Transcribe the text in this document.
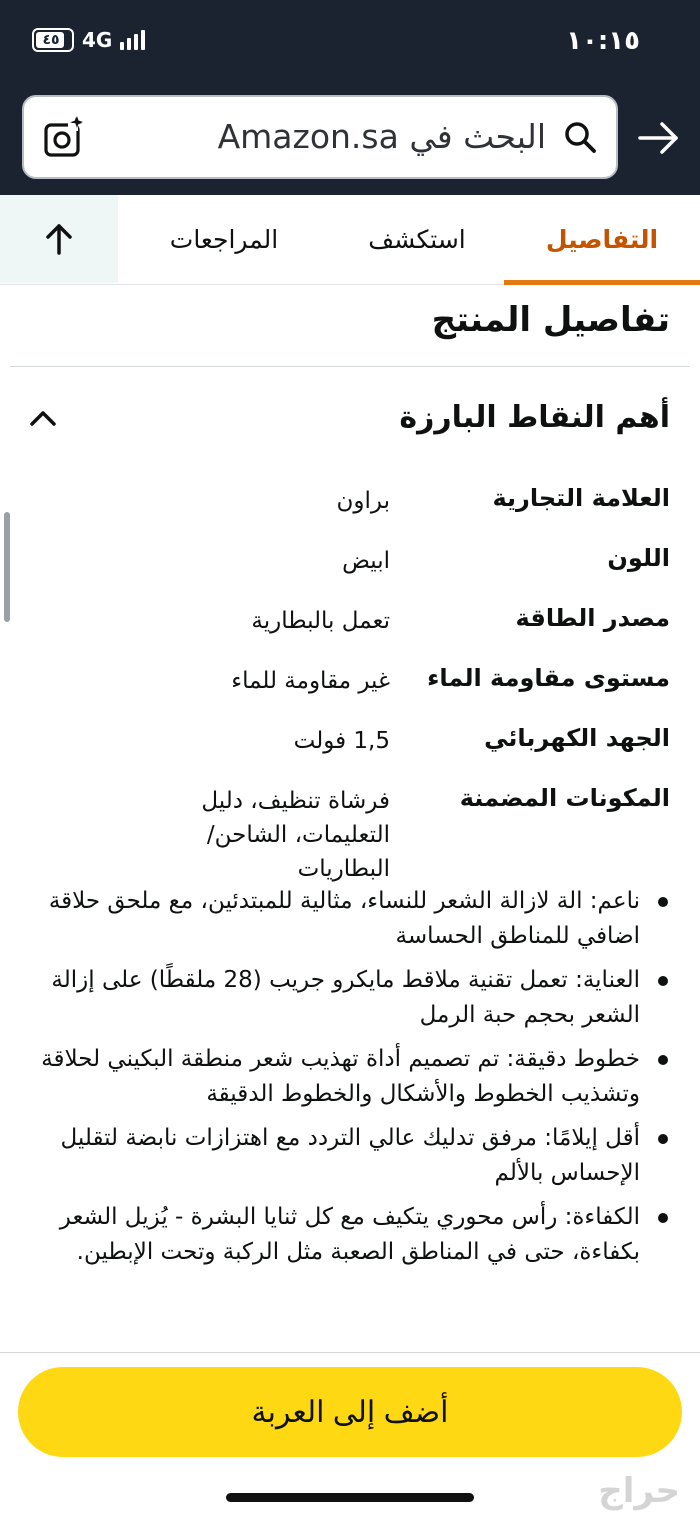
٤٥ 4G	١٠:١٥
البحث في Amazon.sa
التفاصيل
استكشف
المراجعات
تفاصيل المنتج
أهم النقاط البارزة
العلامة التجارية
براون
اللون
ابيض
مصدر الطاقة
تعمل بالبطارية
مستوى مقاومة الماء
غير مقاومة للماء
الجهد الكهربائي
1,5 فولت
المكونات المضمنة
فرشاة تنظيف، دليل التعليمات، الشاحن/البطاريات
ناعم: الة لازالة الشعر للنساء، مثالية للمبتدئين، مع ملحق حلاقة اضافي للمناطق الحساسة
العناية: تعمل تقنية ملاقط مايكرو جريب (28 ملقطًا) على إزالة الشعر بحجم حبة الرمل
خطوط دقيقة: تم تصميم أداة تهذيب شعر منطقة البكيني لحلاقة وتشذيب الخطوط والأشكال والخطوط الدقيقة
أقل إيلامًا: مرفق تدليك عالي التردد مع اهتزازات نابضة لتقليل الإحساس بالألم
الكفاءة: رأس محوري يتكيف مع كل ثنايا البشرة - يُزيل الشعر بكفاءة، حتى في المناطق الصعبة مثل الركبة وتحت الإبطين.
أضف إلى العربة
حراج
